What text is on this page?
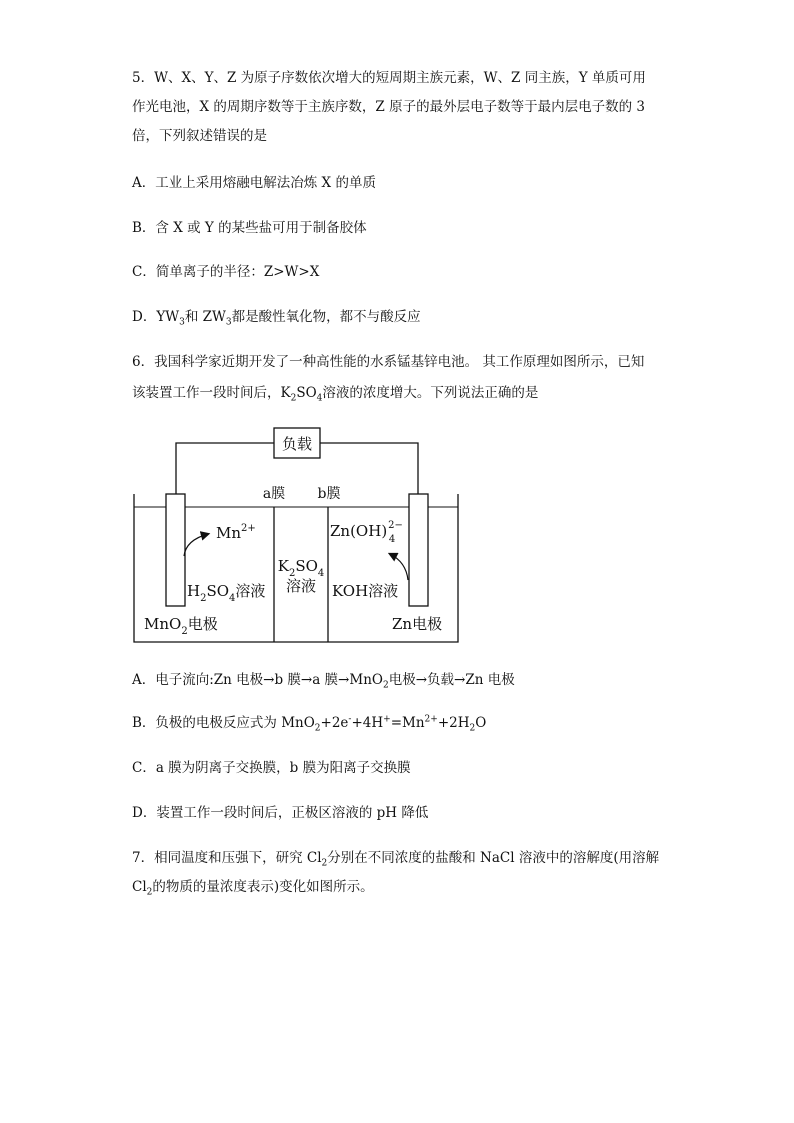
5．W、X、Y、Z 为原子序数依次增大的短周期主族元素，W、Z 同主族，Y 单质可用
作光电池，X 的周期序数等于主族序数，Z 原子的最外层电子数等于最内层电子数的 3
倍，下列叙述错误的是
A．工业上采用熔融电解法冶炼 X 的单质
B．含 X 或 Y 的某些盐可用于制备胶体
C．简单离子的半径：Z>W>X
D．$YW_3$和 $ZW_3$都是酸性氧化物，都不与酸反应
6．我国科学家近期开发了一种高性能的水系锰基锌电池。 其工作原理如图所示，已知
该装置工作一段时间后，$K_2SO_4$溶液的浓度增大。下列说法正确的是
负载
a膜 b膜
$Mn^{2+}$
$H_2SO_4$溶液
MnO$_2$电极
$K_2SO_4$
溶液
Zn(OH)$^{2-}$ 4
KOH溶液
Zn电极
A．电子流向:Zn 电极→b 膜→a 膜→MnO$_2$电极→负载→Zn 电极
B．负极的电极反应式为 $MnO_2+2e^-+4H^+=Mn^{2+}+2H_2O$
C．a 膜为阴离子交换膜，b 膜为阳离子交换膜
D．装置工作一段时间后，正极区溶液的 pH 降低
7．相同温度和压强下，研究 $Cl_2$分别在不同浓度的盐酸和 NaCl 溶液中的溶解度(用溶解
$Cl_2$的物质的量浓度表示)变化如图所示。
